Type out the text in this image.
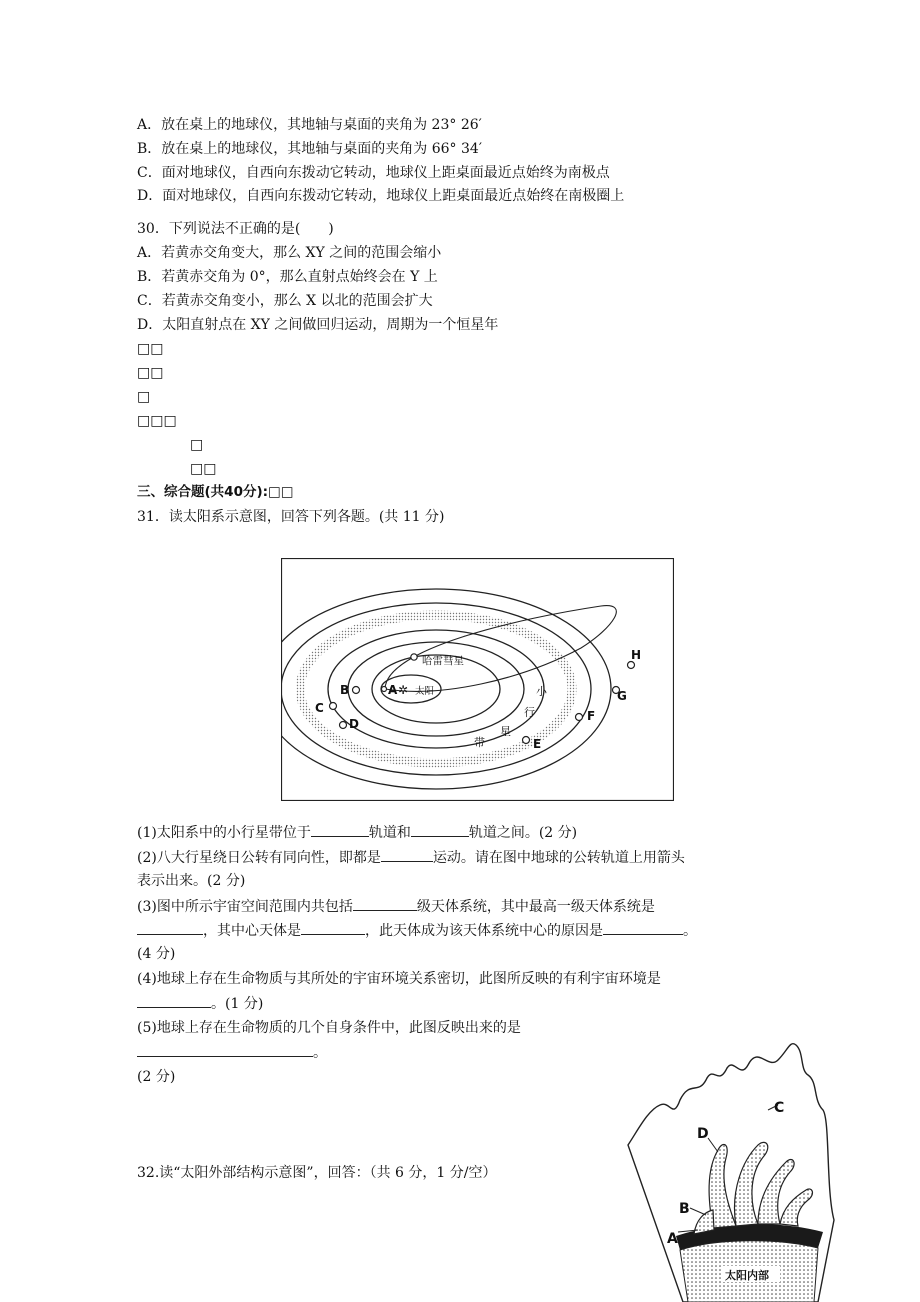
A．放在桌上的地球仪，其地轴与桌面的夹角为 23° 26′
B．放在桌上的地球仪，其地轴与桌面的夹角为 66° 34′
C．面对地球仪，自西向东拨动它转动，地球仪上距桌面最近点始终为南极点
D．面对地球仪，自西向东拨动它转动，地球仪上距桌面最近点始终在南极圈上
30．下列说法不正确的是(　　)
A．若黄赤交角变大，那么 XY 之间的范围会缩小
B．若黄赤交角为 0°，那么直射点始终会在 Y 上
C．若黄赤交角变小，那么 X 以北的范围会扩大
D．太阳直射点在 XY 之间做回归运动，周期为一个恒星年
□□
□□
□
□□□
□
□□
三、综合题(共40分):□□
31．读太阳系示意图，回答下列各题。(共 11 分)
哈雷彗星
太阳
✲
A
B
C
D
E
F
G
H
小
行
星
带
(1)太阳系中的小行星带位于	轨道和	轨道之间。(2 分)
(2)八大行星绕日公转有同向性，即都是	运动。请在图中地球的公转轨道上用箭头
表示出来。(2 分)
(3)图中所示宇宙空间范围内共包括	级天体系统，其中最高一级天体系统是
，其中心天体是	，此天体成为该天体系统中心的原因是	。
(4 分)
(4)地球上存在生命物质与其所处的宇宙环境关系密切，此图所反映的有利宇宙环境是
。(1 分)
(5)地球上存在生命物质的几个自身条件中，此图反映出来的是
。
(2 分)
32.读“太阳外部结构示意图”，回答：（共 6 分，1 分/空）
A
B
C
D
太阳内部
